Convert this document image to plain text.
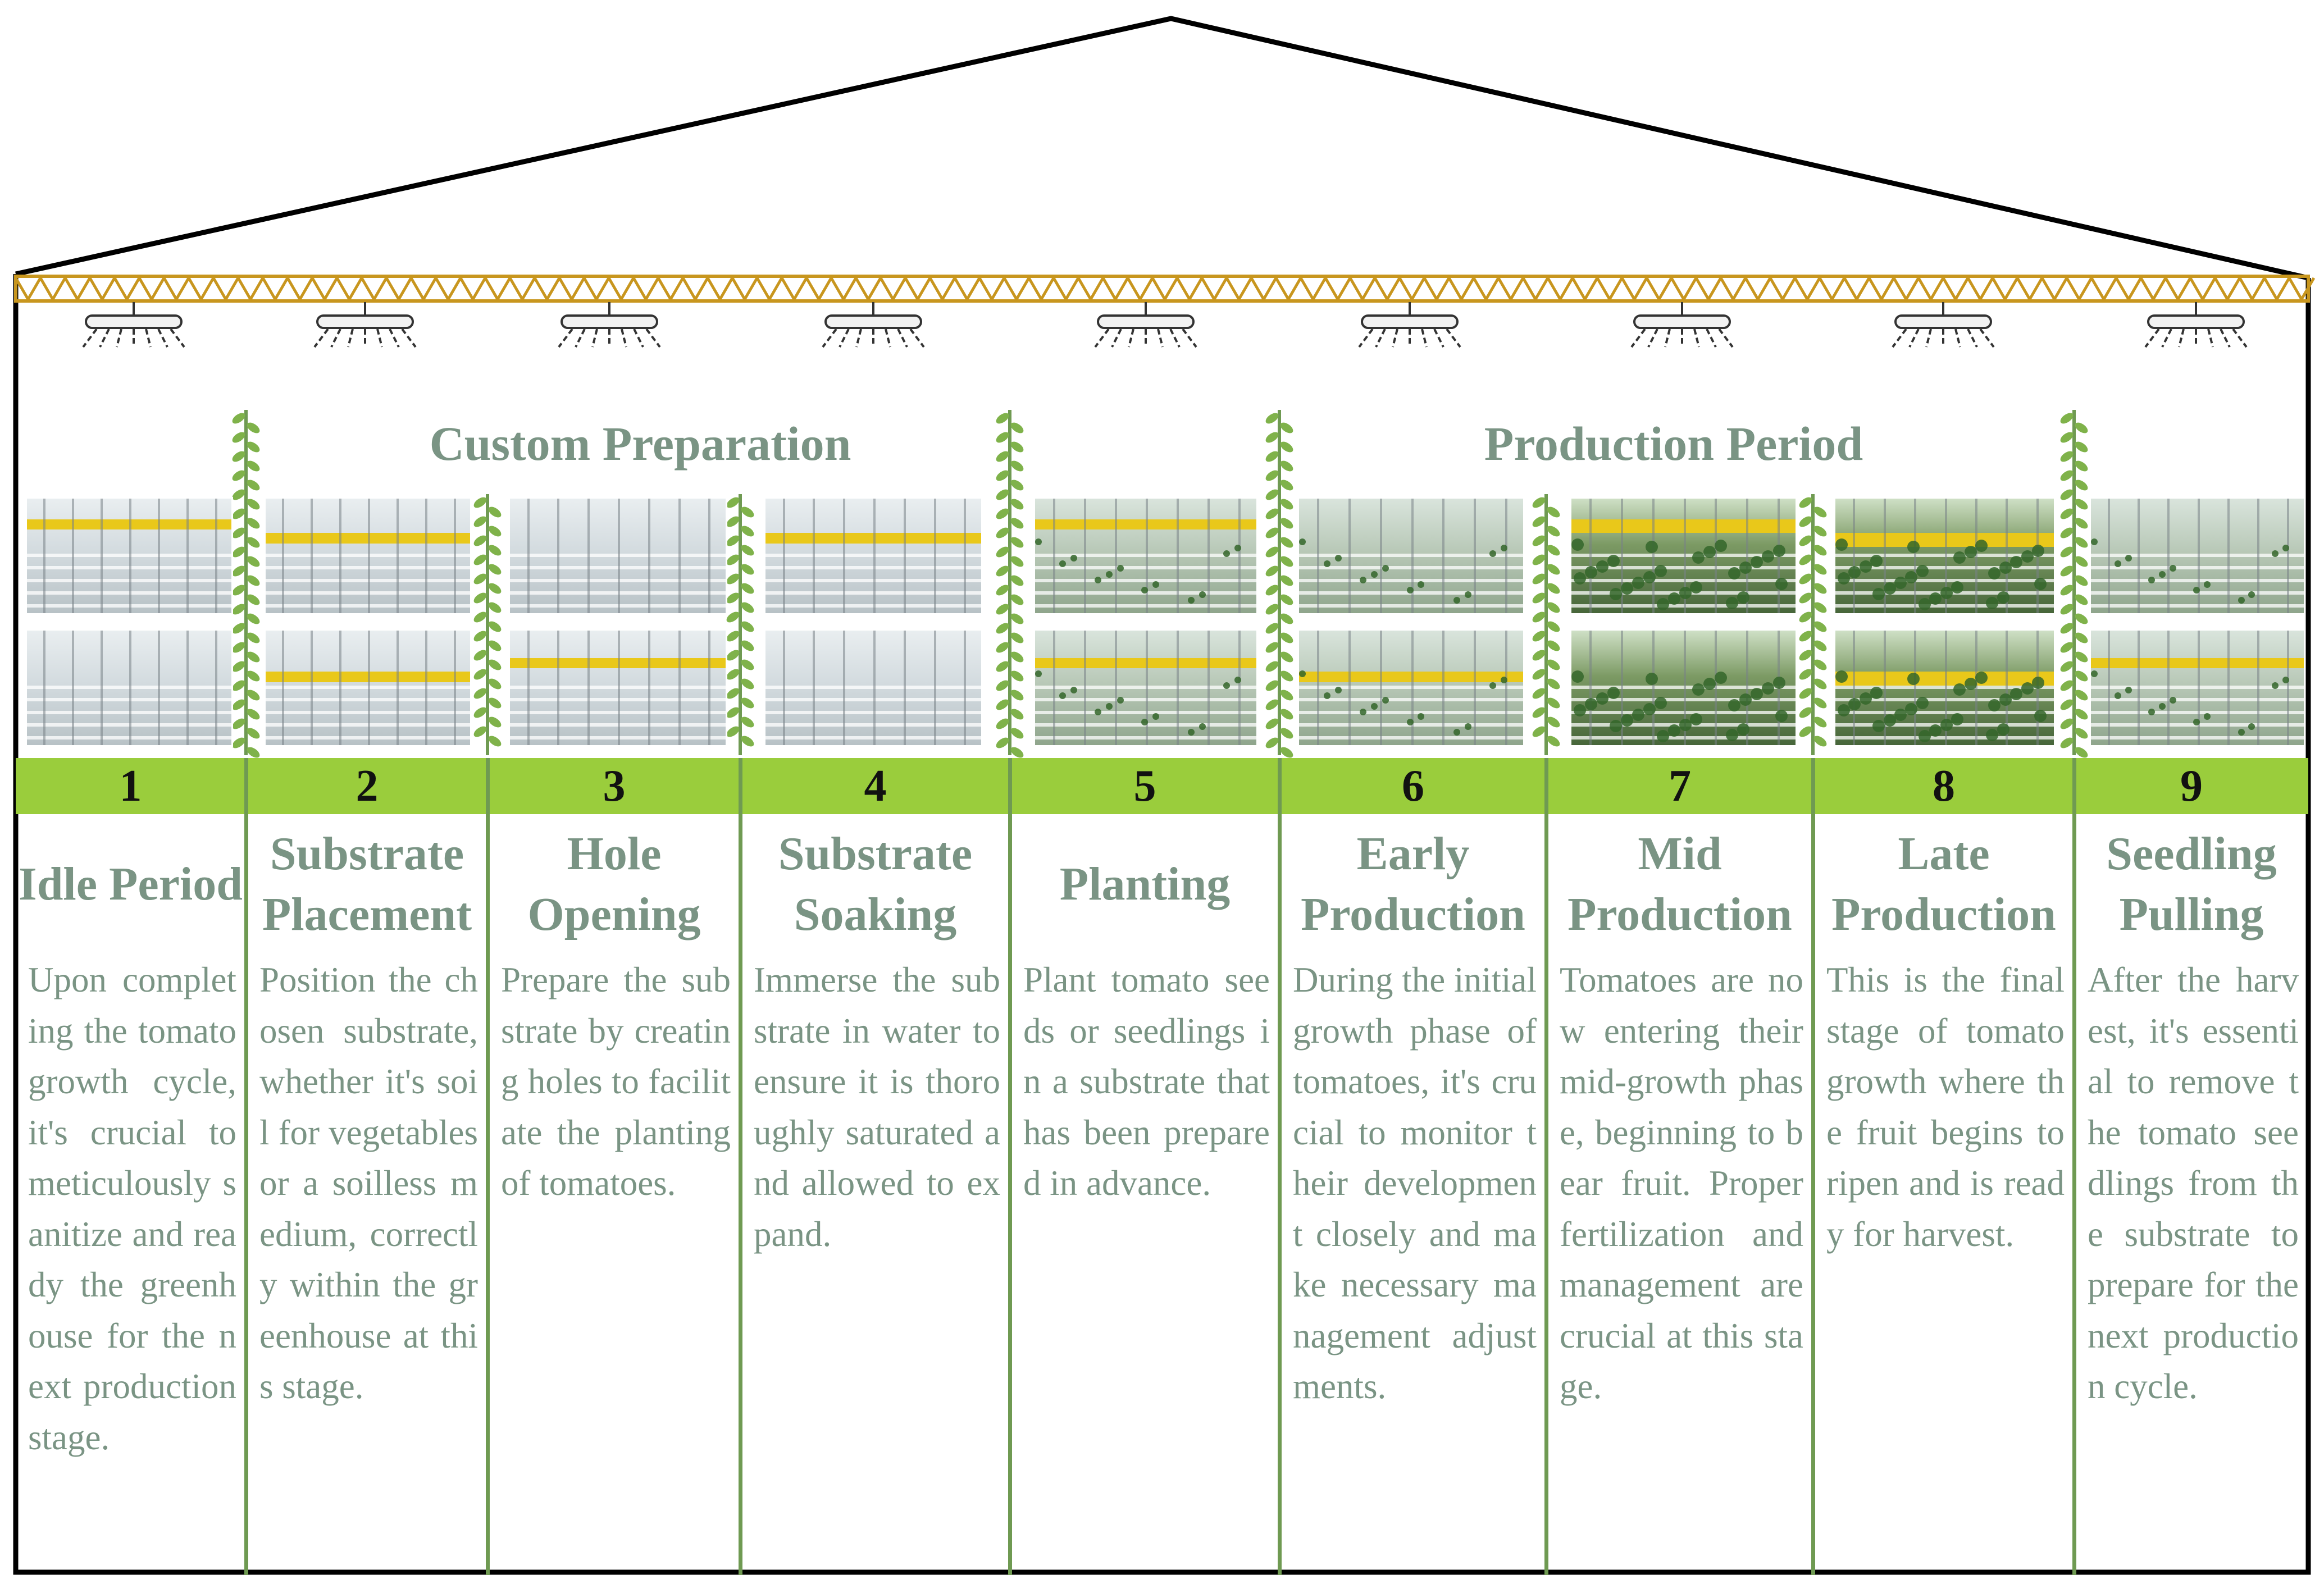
Custom Preparation	Production Period
1
Idle Period
Upon completing the tomato growth cycle, it's crucial to meticulously sanitize and ready the greenhouse for the next production stage.
2
Substrate Placement
Position the chosen substrate, whether it's soil for vegetables or a soilless medium, correctly within the greenhouse at this stage.
3
Hole Opening
Prepare the substrate by creating holes to facilitate the planting of tomatoes.
4
Substrate Soaking
Immerse the substrate in water to ensure it is thoroughly saturated and allowed to expand.
5
Planting
Plant tomato seeds or seedlings in a substrate that has been prepared in advance.
6
Early Production
During the initial growth phase of tomatoes, it's crucial to monitor their development closely and make necessary management adjustments.
7
Mid Production
Tomatoes are now entering their mid-growth phase, beginning to bear fruit. Proper fertilization and management are crucial at this stage.
8
Late Production
This is the final stage of tomato growth where the fruit begins to ripen and is ready for harvest.
9
Seedling Pulling
After the harvest, it's essential to remove the tomato seedlings from the substrate to prepare for the next production cycle.
